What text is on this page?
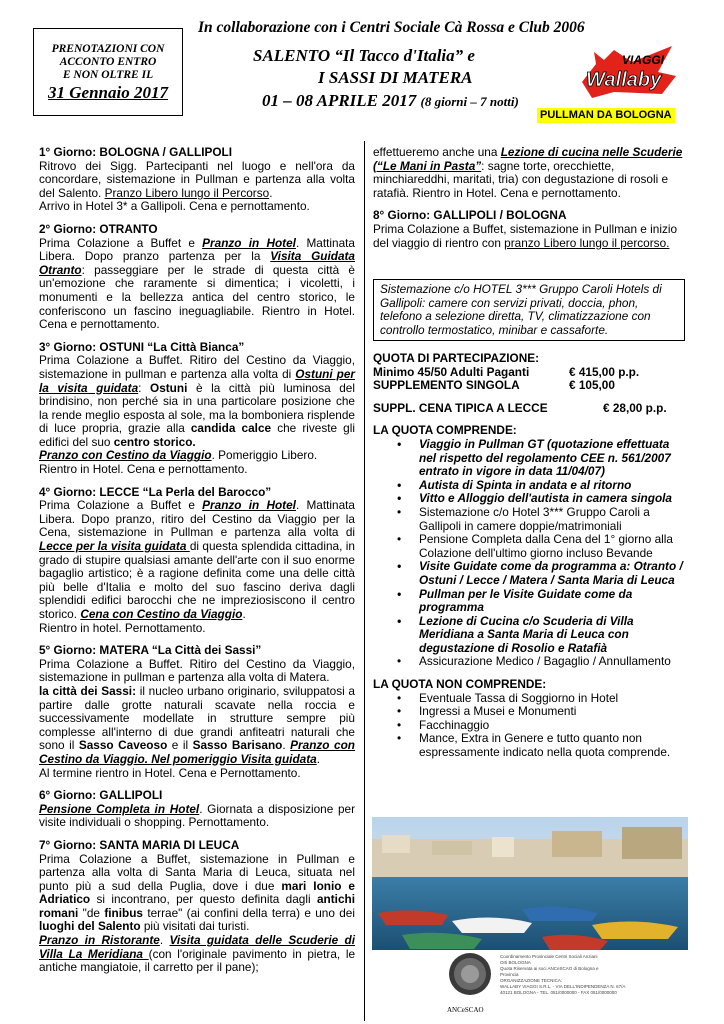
In collaborazione con i Centri Sociale Cà Rossa e Club 2006
PRENOTAZIONI CON
ACCONTO ENTRO
E NON OLTRE IL
31 Gennaio 2017
SALENTO “Il Tacco d'Italia” e
I SASSI DI MATERA
01 – 08 APRILE 2017 (8 giorni – 7 notti)
VIAGGI
Wallaby
PULLMAN DA BOLOGNA

1° Giorno: BOLOGNA / GALLIPOLI

Ritrovo dei Sigg. Partecipanti nel luogo e nell'ora da concordare, sistemazione in Pullman e partenza alla volta del Salento. Pranzo Libero lungo il Percorso.
Arrivo in Hotel 3* a Gallipoli. Cena e pernottamento.

2° Giorno: OTRANTO

Prima Colazione a Buffet e Pranzo in Hotel. Mattinata Libera. Dopo pranzo partenza per la Visita Guidata Otranto: passeggiare per le strade di questa città è un'emozione che raramente si dimentica; i vicoletti, i monumenti e la bellezza antica del centro storico, le conferiscono un fascino ineguagliabile. Rientro in Hotel. Cena e pernottamento.

3° Giorno: OSTUNI “La Città Bianca”

Prima Colazione a Buffet. Ritiro del Cestino da Viaggio, sistemazione in pullman e partenza alla volta di Ostuni per la visita guidata: Ostuni è la città più luminosa del brindisino, non perché sia in una particolare posizione che la rende meglio esposta al sole, ma la bomboniera risplende di luce propria, grazie alla candida calce che riveste gli edifici del suo centro storico.
Pranzo con Cestino da Viaggio. Pomeriggio Libero.
Rientro in Hotel. Cena e pernottamento.

4° Giorno: LECCE “La Perla del Barocco”

Prima Colazione a Buffet e Pranzo in Hotel. Mattinata Libera. Dopo pranzo, ritiro del Cestino da Viaggio per la Cena, sistemazione in Pullman e partenza alla volta di Lecce per la visita guidata di questa splendida cittadina, in grado di stupire qualsiasi amante dell'arte con il suo enorme bagaglio artistico; è a ragione definita come una delle città più belle d'Italia e molto del suo fascino deriva dagli splendidi edifici barocchi che ne impreziosiscono il centro storico. Cena con Cestino da Viaggio.
Rientro in hotel. Pernottamento.

5° Giorno: MATERA “La Città dei Sassi”

Prima Colazione a Buffet. Ritiro del Cestino da Viaggio, sistemazione in pullman e partenza alla volta di Matera.
la città dei Sassi: il nucleo urbano originario, sviluppatosi a partire dalle grotte naturali scavate nella roccia e successivamente modellate in strutture sempre più complesse all'interno di due grandi anfiteatri naturali che sono il Sasso Caveoso e il Sasso Barisano. Pranzo con Cestino da Viaggio. Nel pomeriggio Visita guidata.
Al termine rientro in Hotel. Cena e Pernottamento.

6° Giorno: GALLIPOLI

Pensione Completa in Hotel. Giornata a disposizione per visite individuali o shopping. Pernottamento.

7° Giorno: SANTA MARIA DI LEUCA

Prima Colazione a Buffet, sistemazione in Pullman e partenza alla volta di Santa Maria di Leuca, situata nel punto più a sud della Puglia, dove i due mari Ionio e Adriatico si incontrano, per questo definita dagli antichi romani "de finibus terrae" (ai confini della terra) e uno dei luoghi del Salento più visitati dai turisti.
Pranzo in Ristorante. Visita guidata delle Scuderie di Villa La Meridiana (con l'originale pavimento in pietra, le antiche mangiatoie, il carretto per il pane);

effettueremo anche una Lezione di cucina nelle Scuderie (“Le Mani in Pasta”: sagne torte, orecchiette, minchiareddhi, maritati, tria) con degustazione di rosoli e ratafià. Rientro in Hotel. Cena e pernottamento.

8° Giorno: GALLIPOLI / BOLOGNA

Prima Colazione a Buffet, sistemazione in Pullman e inizio del viaggio di rientro con pranzo Libero lungo il percorso.

Sistemazione c/o HOTEL 3*** Gruppo Caroli Hotels di Gallipoli: camere con servizi privati, doccia, phon, telefono a selezione diretta, TV, climatizzazione con controllo termostatico, minibar e cassaforte.

QUOTA DI PARTECIPAZIONE:

Minimo 45/50 Adulti Paganti	€ 415,00 p.p.
SUPPLEMENTO SINGOLA	€ 105,00
SUPPL. CENA TIPICA A LECCE	€ 28,00 p.p.

LA QUOTA COMPRENDE:

• Viaggio in Pullman GT (quotazione effettuata nel rispetto del regolamento CEE n. 561/2007 entrato in vigore in data 11/04/07)
• Autista di Spinta in andata e al ritorno
• Vitto e Alloggio dell'autista in camera singola
• Sistemazione c/o Hotel 3*** Gruppo Caroli a Gallipoli in camere doppie/matrimoniali
• Pensione Completa dalla Cena del 1° giorno alla Colazione dell'ultimo giorno incluso Bevande
• Visite Guidate come da programma a: Otranto / Ostuni / Lecce / Matera / Santa Maria di Leuca
• Pullman per le Visite Guidate come da programma
• Lezione di Cucina c/o Scuderia di Villa Meridiana a Santa Maria di Leuca con degustazione di Rosolio e Ratafià
• Assicurazione Medico / Bagaglio / Annullamento

LA QUOTA NON COMPRENDE:

• Eventuale Tassa di Soggiorno in Hotel
• Ingressi a Musei e Monumenti
• Facchinaggio
• Mance, Extra in Genere e tutto quanto non espressamente indicato nella quota comprende.
ANCeSCAO
Coordinamento Provinciale Centri Sociali Anziani
Orti BOLOGNA
Quota Riservata ai soci ANCeSCAO di Bologna e
Provincia
ORGANIZZAZIONE TECNICA:
WALLABY VIAGGI S.R.L. - VIA DELL'INDIPENDENZA N. 67/A
40121 BOLOGNA - TEL. 051/0000000 - FAX 051/0000000
